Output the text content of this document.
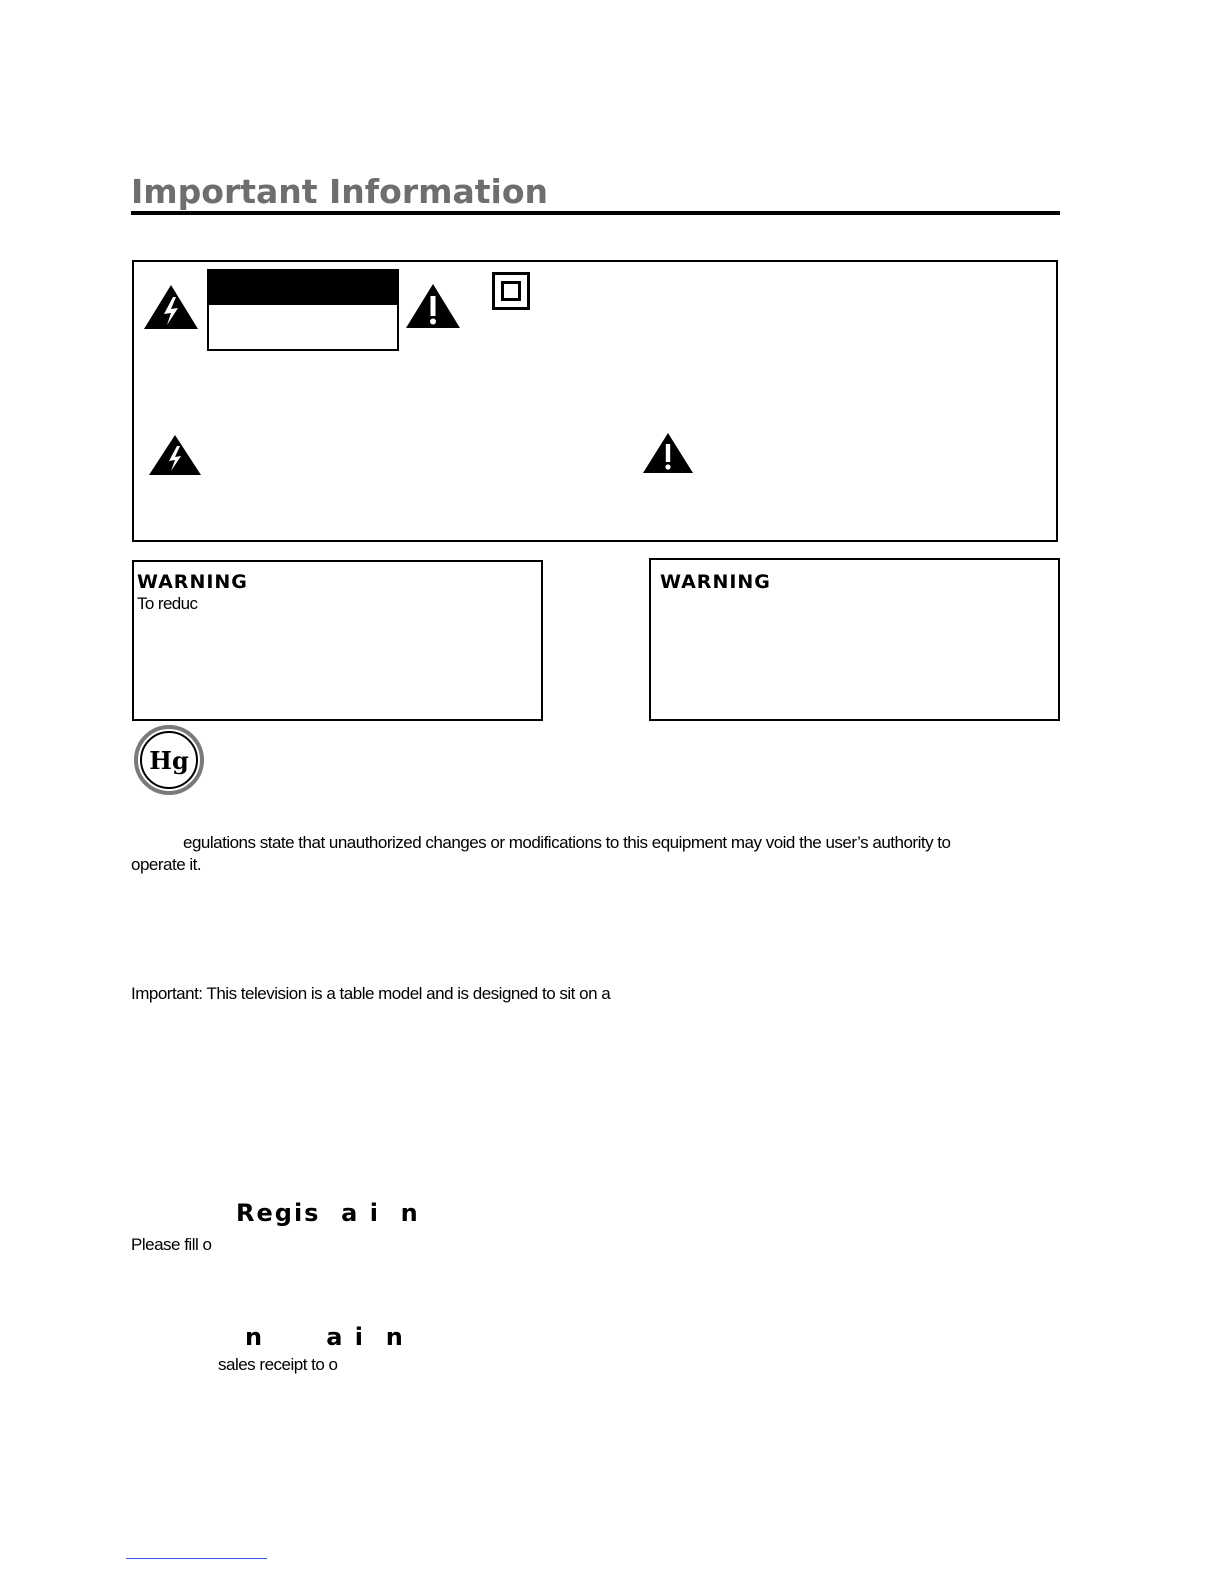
Important Information
WARNING
To reduc
WARNING
Hg

egulations state that unauthorized changes or modifications to this equipment may void the user’s authority to

operate it.

Important: This television is a table model and is designed to sit on a

Regis  a i  n

Please fill o

n      a i  n

sales receipt to o
